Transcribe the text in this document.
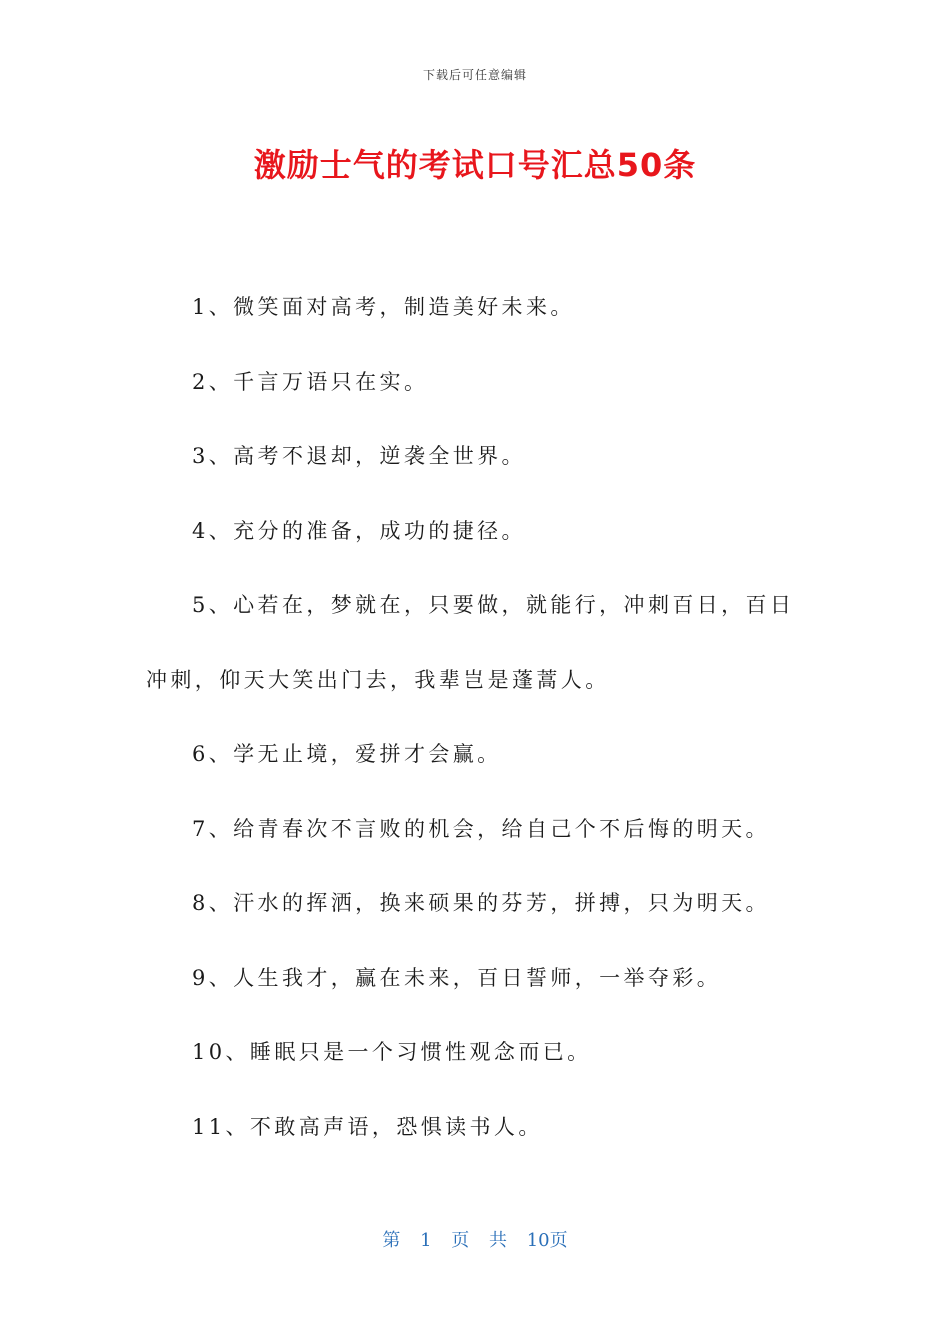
下载后可任意编辑
激励士气的考试口号汇总50条

1、微笑面对高考，制造美好未来。

2、千言万语只在实。

3、高考不退却，逆袭全世界。

4、充分的准备，成功的捷径。

5、心若在，梦就在，只要做，就能行，冲刺百日，百日冲刺，仰天大笑出门去，我辈岂是蓬蒿人。

6、学无止境，爱拼才会赢。

7、给青春次不言败的机会，给自己个不后悔的明天。

8、汗水的挥洒，换来硕果的芬芳，拼搏，只为明天。

9、人生我才，赢在未来，百日誓师，一举夺彩。

10、睡眠只是一个习惯性观念而已。

11、不敢高声语，恐惧读书人。

第 1 页 共 10页
